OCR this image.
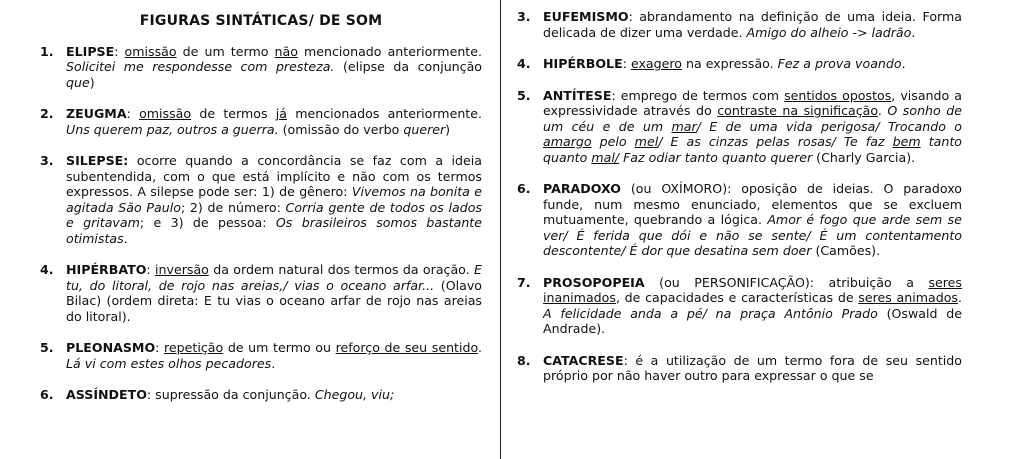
FIGURAS SINTÁTICAS/ DE SOM
1. ELIPSE: omissão de um termo não mencionado anteriormente. Solicitei me respondesse com presteza. (elipse da conjunção que)
2. ZEUGMA: omissão de termos já mencionados anteriormente. Uns querem paz, outros a guerra. (omissão do verbo querer)
3. SILEPSE: ocorre quando a concordância se faz com a ideia subentendida, com o que está implícito e não com os termos expressos. A silepse pode ser: 1) de gênero: Vivemos na bonita e agitada São Paulo; 2) de número: Corria gente de todos os lados e gritavam; e 3) de pessoa: Os brasileiros somos bastante otimistas.
4. HIPÉRBATO: inversão da ordem natural dos termos da oração. E tu, do litoral, de rojo nas areias,/ vias o oceano arfar... (Olavo Bilac) (ordem direta: E tu vias o oceano arfar de rojo nas areias do litoral).
5. PLEONASMO: repetição de um termo ou reforço de seu sentido. Lá vi com estes olhos pecadores.
6. ASSÍNDETO: supressão da conjunção. Chegou, viu;
3. EUFEMISMO: abrandamento na definição de uma ideia. Forma delicada de dizer uma verdade. Amigo do alheio -> ladrão.
4. HIPÉRBOLE: exagero na expressão. Fez a prova voando.
5. ANTÍTESE: emprego de termos com sentidos opostos, visando a expressividade através do contraste na significação. O sonho de um céu e de um mar/ E de uma vida perigosa/ Trocando o amargo pelo mel/ E as cinzas pelas rosas/ Te faz bem tanto quanto mal/ Faz odiar tanto quanto querer (Charly Garcia).
6. PARADOXO (ou OXÍMORO): oposição de ideias. O paradoxo funde, num mesmo enunciado, elementos que se excluem mutuamente, quebrando a lógica. Amor é fogo que arde sem se ver/ É ferida que dói e não se sente/ É um contentamento descontente/ É dor que desatina sem doer (Camões).
7. PROSOPOPEIA (ou PERSONIFICAÇÃO): atribuição a seres inanimados, de capacidades e características de seres animados. A felicidade anda a pé/ na praça Antônio Prado (Oswald de Andrade).
8. CATACRESE: é a utilização de um termo fora de seu sentido próprio por não haver outro para expressar o que se
